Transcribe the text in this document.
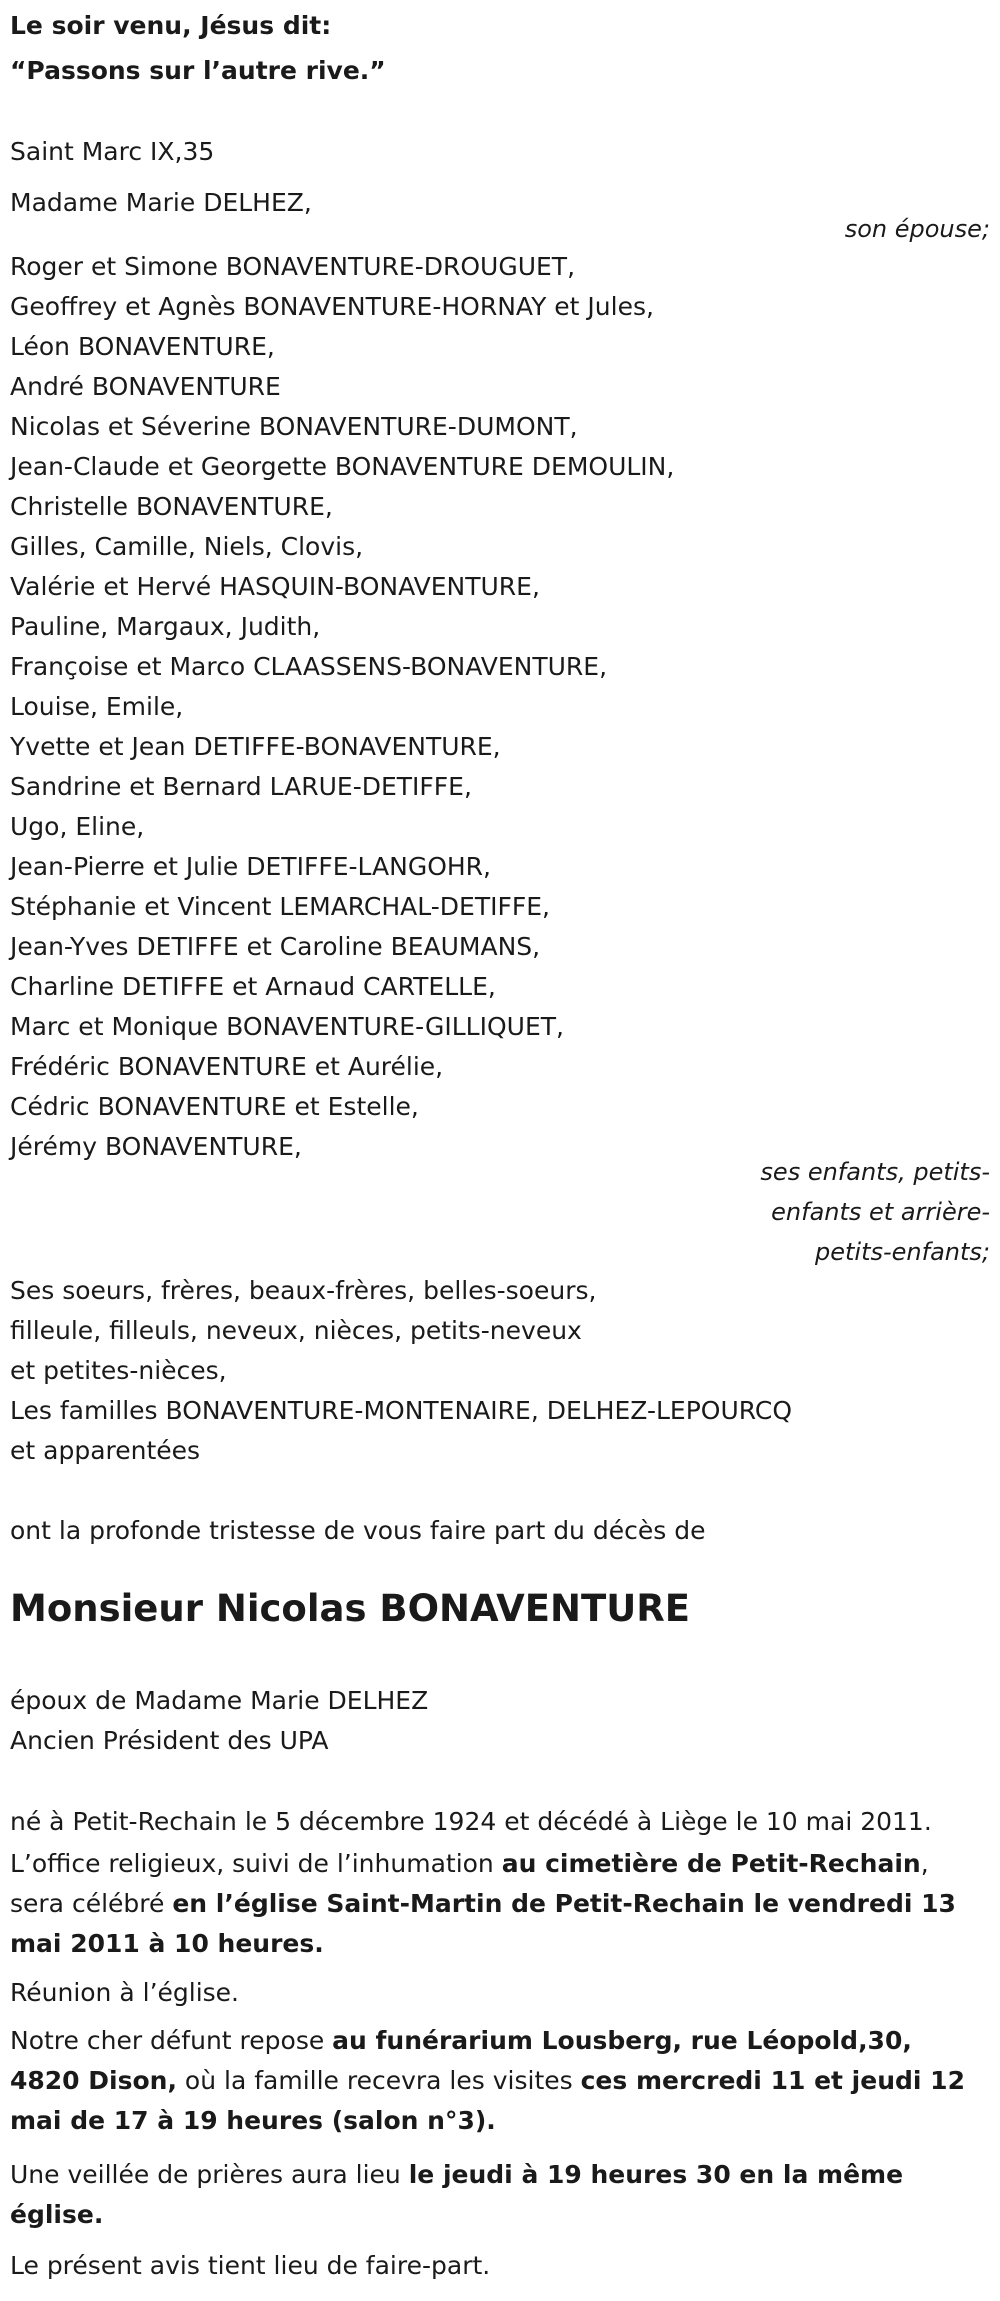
Le soir venu, Jésus dit:
“Passons sur l’autre rive.”
Saint Marc IX,35
Madame Marie DELHEZ,
son épouse;
Roger et Simone BONAVENTURE-DROUGUET,
Geoffrey et Agnès BONAVENTURE-HORNAY et Jules,
Léon BONAVENTURE,
André BONAVENTURE
Nicolas et Séverine BONAVENTURE-DUMONT,
Jean-Claude et Georgette BONAVENTURE DEMOULIN,
Christelle BONAVENTURE,
Gilles, Camille, Niels, Clovis,
Valérie et Hervé HASQUIN-BONAVENTURE,
Pauline, Margaux, Judith,
Françoise et Marco CLAASSENS-BONAVENTURE,
Louise, Emile,
Yvette et Jean DETIFFE-BONAVENTURE,
Sandrine et Bernard LARUE-DETIFFE,
Ugo, Eline,
Jean-Pierre et Julie DETIFFE-LANGOHR,
Stéphanie et Vincent LEMARCHAL-DETIFFE,
Jean-Yves DETIFFE et Caroline BEAUMANS,
Charline DETIFFE et Arnaud CARTELLE,
Marc et Monique BONAVENTURE-GILLIQUET,
Frédéric BONAVENTURE et Aurélie,
Cédric BONAVENTURE et Estelle,
Jérémy BONAVENTURE,
ses enfants, petits-
enfants et arrière-
petits-enfants;
Ses soeurs, frères, beaux-frères, belles-soeurs,
filleule, filleuls, neveux, nièces, petits-neveux
et petites-nièces,
Les familles BONAVENTURE-MONTENAIRE, DELHEZ-LEPOURCQ
et apparentées
ont la profonde tristesse de vous faire part du décès de
Monsieur Nicolas BONAVENTURE
époux de Madame Marie DELHEZ
Ancien Président des UPA
né à Petit-Rechain le 5 décembre 1924 et décédé à Liège le 10 mai 2011.
L’office religieux, suivi de l’inhumation au cimetière de Petit-Rechain, sera célébré en l’église Saint-Martin de Petit-Rechain le vendredi 13 mai 2011 à 10 heures.
Réunion à l’église.
Notre cher défunt repose au funérarium Lousberg, rue Léopold,30, 4820 Dison, où la famille recevra les visites ces mercredi 11 et jeudi 12 mai de 17 à 19 heures (salon n°3).
Une veillée de prières aura lieu le jeudi à 19 heures 30 en la même église.
Le présent avis tient lieu de faire-part.
